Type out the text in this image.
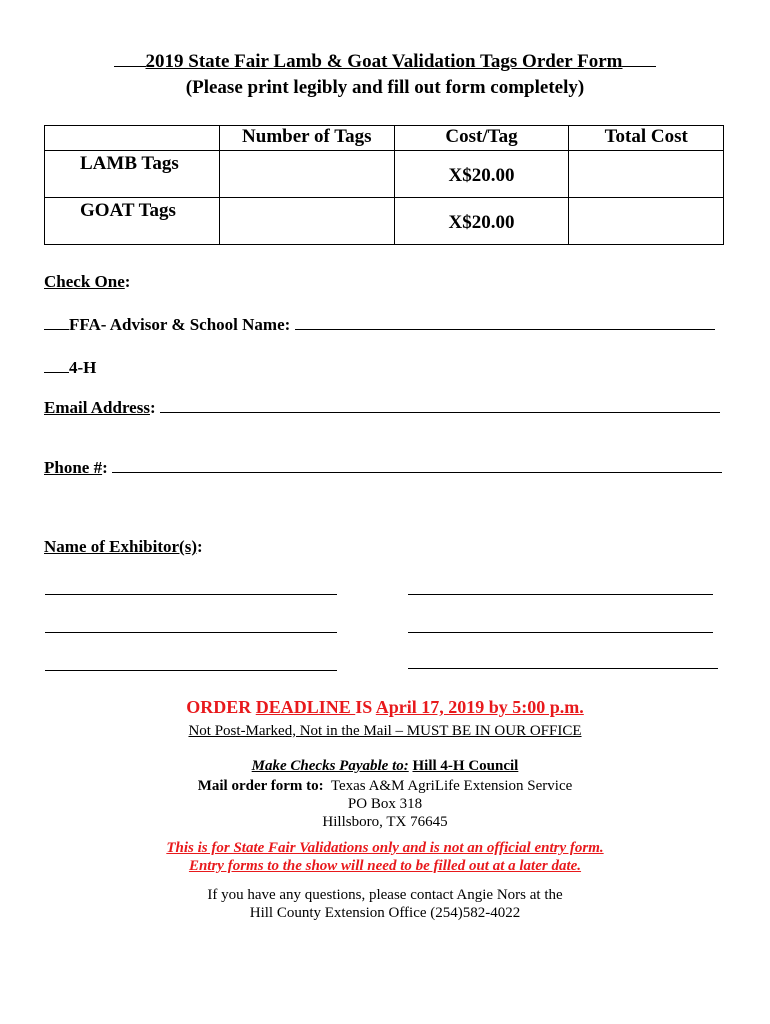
2019 State Fair Lamb & Goat Validation Tags Order Form
(Please print legibly and fill out form completely)
	Number of Tags	Cost/Tag	Total Cost

LAMB Tags		X$20.00	

GOAT Tags		X$20.00	

Check One:
FFA- Advisor & School Name:
4-H
Email Address:
Phone #:
Name of Exhibitor(s):
ORDER DEADLINE IS April 17, 2019 by 5:00 p.m.
Not Post-Marked, Not in the Mail – MUST BE IN OUR OFFICE
Make Checks Payable to: Hill 4-H Council
Mail order form to: Texas A&M AgriLife Extension Service
PO Box 318
Hillsboro, TX 76645
This is for State Fair Validations only and is not an official entry form.
Entry forms to the show will need to be filled out at a later date.
If you have any questions, please contact Angie Nors at the
Hill County Extension Office (254)582-4022
